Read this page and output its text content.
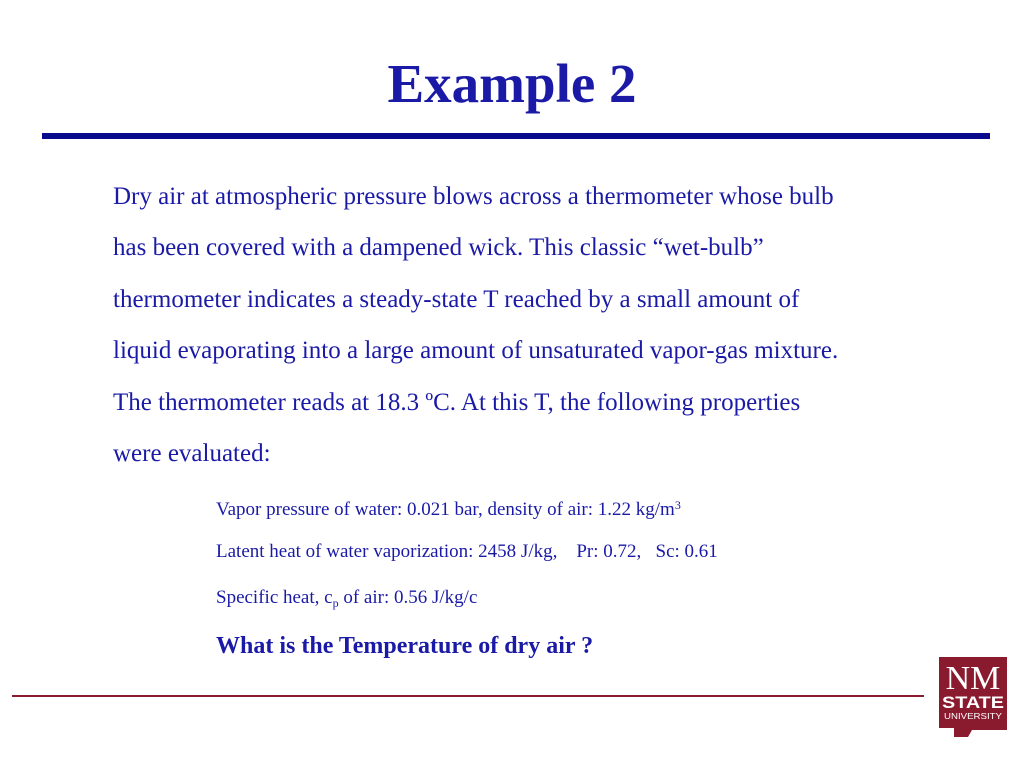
Example 2
Dry air at atmospheric pressure blows across a thermometer whose bulb
has been covered with a dampened wick. This classic “wet-bulb”
thermometer indicates a steady-state T reached by a small amount of
liquid evaporating into a large amount of unsaturated vapor-gas mixture.
The thermometer reads at 18.3 ºC. At this T, the following properties
were evaluated:
Vapor pressure of water: 0.021 bar, density of air: 1.22 $kg/m^3$
Latent heat of water vaporization: 2458 J/kg,    Pr: 0.72,   Sc: 0.61
Specific heat, $c_p$ of air: 0.56 J/kg/c
What is the Temperature of dry air ?
NM
STATE
UNIVERSITY
